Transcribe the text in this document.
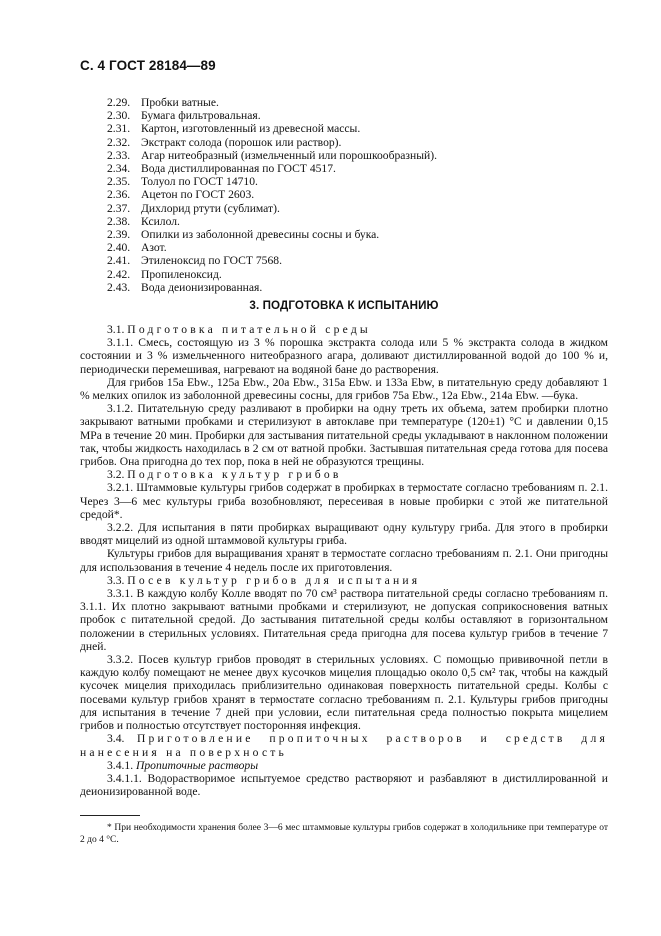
С. 4 ГОСТ 28184—89
2.29. Пробки ватные.
2.30. Бумага фильтровальная.
2.31. Картон, изготовленный из древесной массы.
2.32. Экстракт солода (порошок или раствор).
2.33. Агар нитеобразный (измельченный или порошкообразный).
2.34. Вода дистиллированная по ГОСТ 4517.
2.35. Толуол по ГОСТ 14710.
2.36. Ацетон по ГОСТ 2603.
2.37. Дихлорид ртути (сублимат).
2.38. Ксилол.
2.39. Опилки из заболонной древесины сосны и бука.
2.40. Азот.
2.41. Этиленоксид по ГОСТ 7568.
2.42. Пропиленоксид.
2.43. Вода деионизированная.
3. ПОДГОТОВКА К ИСПЫТАНИЮ

3.1. Подготовка питательной среды

3.1.1. Смесь, состоящую из 3 % порошка экстракта солода или 5 % экстракта солода в жидком состоянии и 3 % измельченного нитеобразного агара, доливают дистиллированной водой до 100 % и, периодически перемешивая, нагревают на водяной бане до растворения.

Для грибов 15а Ebw., 125а Ebw., 20а Ebw., 315а Ebw. и 133а Ebw, в питательную среду добавляют 1 % мелких опилок из заболонной древесины сосны, для грибов 75а Ebw., 12а Ebw., 214а Ebw. —бука.

3.1.2. Питательную среду разливают в пробирки на одну треть их объема, затем пробирки плотно закрывают ватными пробками и стерилизуют в автоклаве при температуре (120±1) °С и давлении 0,15 МРа в течение 20 мин. Пробирки для застывания питательной среды укладывают в наклонном положении так, чтобы жидкость находилась в 2 см от ватной пробки. Застывшая питательная среда готова для посева грибов. Она пригодна до тех пор, пока в ней не образуются трещины.

3.2. Подготовка культур грибов

3.2.1. Штаммовые культуры грибов содержат в пробирках в термостате согласно требованиям п. 2.1. Через 3—6 мес культуры гриба возобновляют, пересеивая в новые пробирки с этой же питательной средой*.

3.2.2. Для испытания в пяти пробирках выращивают одну культуру гриба. Для этого в пробирки вводят мицелий из одной штаммовой культуры гриба.

Культуры грибов для выращивания хранят в термостате согласно требованиям п. 2.1. Они пригодны для использования в течение 4 недель после их приготовления.

3.3. Посев культур грибов для испытания

3.3.1. В каждую колбу Колле вводят по 70 см³ раствора питательной среды согласно требованиям п. 3.1.1. Их плотно закрывают ватными пробками и стерилизуют, не допуская соприкосновения ватных пробок с питательной средой. До застывания питательной среды колбы оставляют в горизонтальном положении в стерильных условиях. Питательная среда пригодна для посева культур грибов в течение 7 дней.

3.3.2. Посев культур грибов проводят в стерильных условиях. С помощью прививочной петли в каждую колбу помещают не менее двух кусочков мицелия площадью около 0,5 см² так, чтобы на каждый кусочек мицелия приходилась приблизительно одинаковая поверхность питательной среды. Колбы с посевами культур грибов хранят в термостате согласно требованиям п. 2.1. Культуры грибов пригодны для испытания в течение 7 дней при условии, если питательная среда полностью покрыта мицелием грибов и полностью отсутствует посторонняя инфекция.

3.4. Приготовление пропиточных растворов и средств для нанесения на поверхность

3.4.1. Пропиточные растворы

3.4.1.1. Водорастворимое испытуемое средство растворяют и разбавляют в дистиллированной и деионизированной воде.

* При необходимости хранения более 3—6 мес штаммовые культуры грибов содержат в холодильнике при температуре от 2 до 4 °С.
